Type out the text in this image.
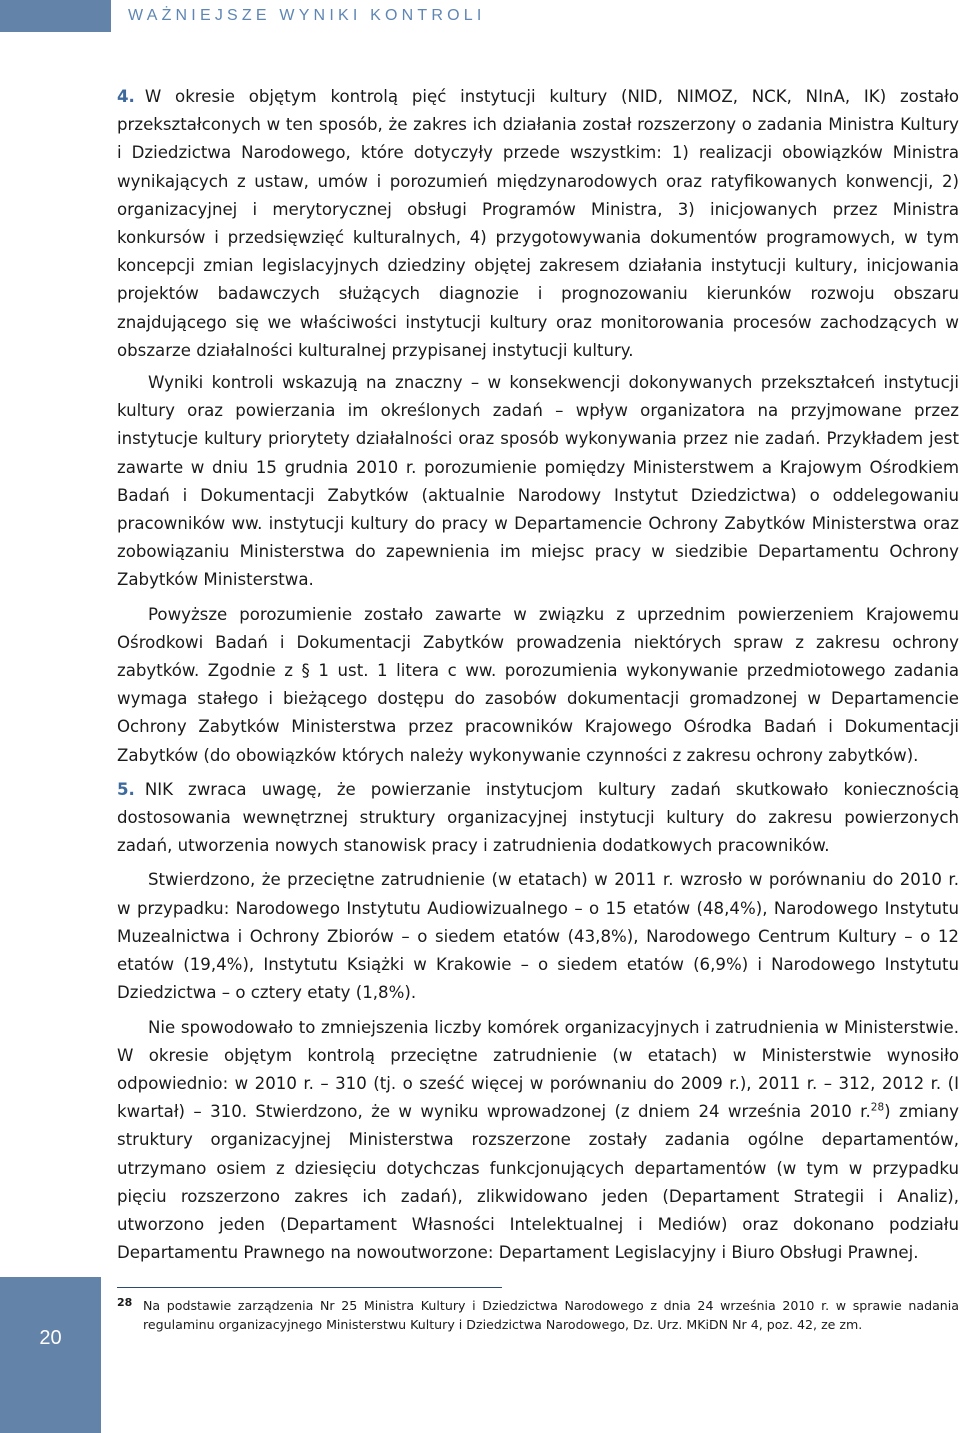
WAŻNIEJSZE WYNIKI KONTROLI

4. W okresie objętym kontrolą pięć instytucji kultury (NID, NIMOZ, NCK, NInA, IK) zostało przekształconych w ten sposób, że zakres ich działania został rozszerzony o zadania Ministra Kultury i Dziedzictwa Narodowego, które dotyczyły przede wszystkim: 1) realizacji obowiązków Ministra wynikających z ustaw, umów i porozumień międzynarodowych oraz ratyfikowanych konwencji, 2) organizacyjnej i merytorycznej obsługi Programów Ministra, 3) inicjowanych przez Ministra konkursów i przedsięwzięć kulturalnych, 4) przygotowywania dokumentów programowych, w tym koncepcji zmian legislacyjnych dziedziny objętej zakresem działania instytucji kultury, inicjowania projektów badawczych służących diagnozie i prognozowaniu kierunków rozwoju obszaru znajdującego się we właściwości instytucji kultury oraz monitorowania procesów zachodzących w obszarze działalności kulturalnej przypisanej instytucji kultury.

Wyniki kontroli wskazują na znaczny – w konsekwencji dokonywanych przekształceń instytucji kultury oraz powierzania im określonych zadań – wpływ organizatora na przyjmowane przez instytucje kultury priorytety działalności oraz sposób wykonywania przez nie zadań. Przykładem jest zawarte w dniu 15 grudnia 2010 r. porozumienie pomiędzy Ministerstwem a Krajowym Ośrodkiem Badań i Dokumentacji Zabytków (aktualnie Narodowy Instytut Dziedzictwa) o oddelegowaniu pracowników ww. instytucji kultury do pracy w Departamencie Ochrony Zabytków Ministerstwa oraz zobowiązaniu Ministerstwa do zapewnienia im miejsc pracy w siedzibie Departamentu Ochrony Zabytków Ministerstwa.

Powyższe porozumienie zostało zawarte w związku z uprzednim powierzeniem Krajowemu Ośrodkowi Badań i Dokumentacji Zabytków prowadzenia niektórych spraw z zakresu ochrony zabytków. Zgodnie z § 1 ust. 1 litera c ww. porozumienia wykonywanie przedmiotowego zadania wymaga stałego i bieżącego dostępu do zasobów dokumentacji gromadzonej w Departamencie Ochrony Zabytków Ministerstwa przez pracowników Krajowego Ośrodka Badań i Dokumentacji Zabytków (do obowiązków których należy wykonywanie czynności z zakresu ochrony zabytków).

5. NIK zwraca uwagę, że powierzanie instytucjom kultury zadań skutkowało koniecznością dostosowania wewnętrznej struktury organizacyjnej instytucji kultury do zakresu powierzonych zadań, utworzenia nowych stanowisk pracy i zatrudnienia dodatkowych pracowników.

Stwierdzono, że przeciętne zatrudnienie (w etatach) w 2011 r. wzrosło w porównaniu do 2010 r. w przypadku: Narodowego Instytutu Audiowizualnego – o 15 etatów (48,4%), Narodowego Instytutu Muzealnictwa i Ochrony Zbiorów – o siedem etatów (43,8%), Narodowego Centrum Kultury – o 12 etatów (19,4%), Instytutu Książki w Krakowie – o siedem etatów (6,9%) i Narodowego Instytutu Dziedzictwa – o cztery etaty (1,8%).

Nie spowodowało to zmniejszenia liczby komórek organizacyjnych i zatrudnienia w Ministerstwie. W okresie objętym kontrolą przeciętne zatrudnienie (w etatach) w Ministerstwie wynosiło odpowiednio: w 2010 r. – 310 (tj. o sześć więcej w porównaniu do 2009 r.), 2011 r. – 312, 2012 r. (I kwartał) – 310. Stwierdzono, że w wyniku wprowadzonej (z dniem 24 września 2010 r.$^{28}$) zmiany struktury organizacyjnej Ministerstwa rozszerzone zostały zadania ogólne departamentów, utrzymano osiem z dziesięciu dotychczas funkcjonujących departamentów (w tym w przypadku pięciu rozszerzono zakres ich zadań), zlikwidowano jeden (Departament Strategii i Analiz), utworzono jeden (Departament Własności Intelektualnej i Mediów) oraz dokonano podziału Departamentu Prawnego na nowoutworzone: Departament Legislacyjny i Biuro Obsługi Prawnej.

28 Na podstawie zarządzenia Nr 25 Ministra Kultury i Dziedzictwa Narodowego z dnia 24 września 2010 r. w sprawie nadania regulaminu organizacyjnego Ministerstwu Kultury i Dziedzictwa Narodowego, Dz. Urz. MKiDN Nr 4, poz. 42, ze zm.
20
